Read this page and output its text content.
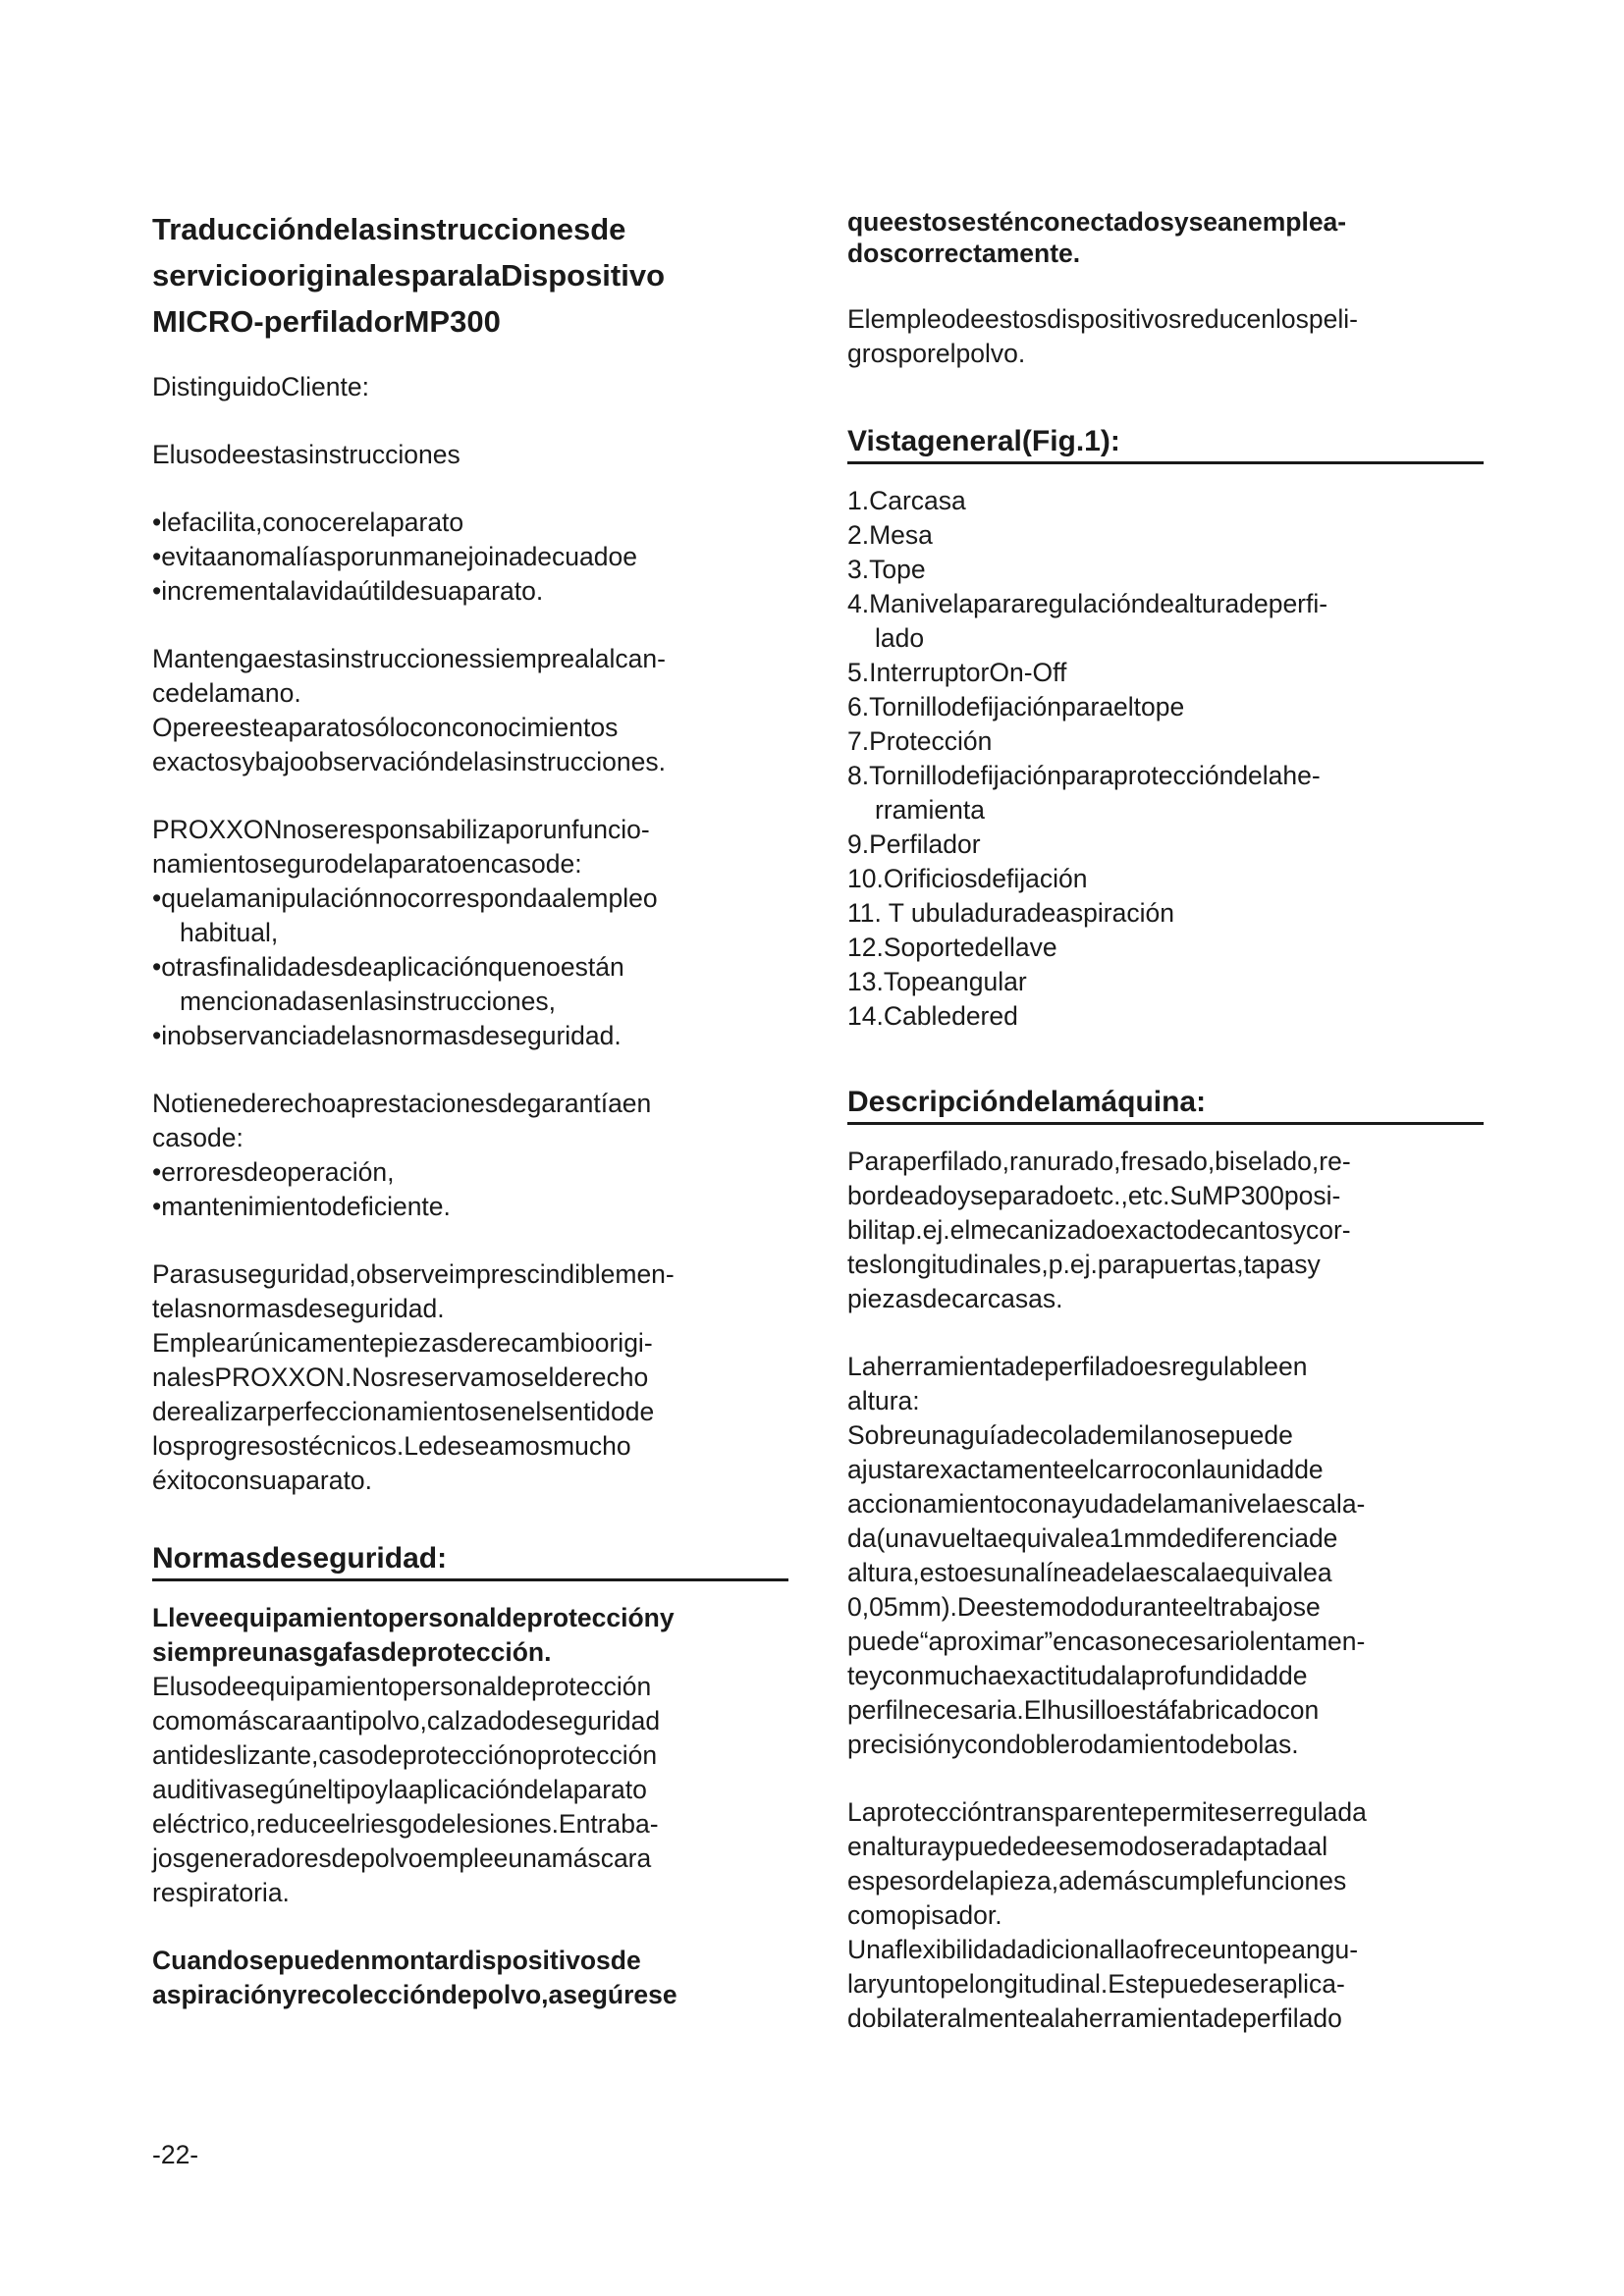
Traduccióndelasinstruccionesde
serviciooriginalesparalaDispositivo
MICRO-perfiladorMP300

DistinguidoCliente:

Elusodeestasinstrucciones

•lefacilita,conocerelaparato
•evitaanomalíasporunmanejoinadecuadoe
•incrementalavidaútildesuaparato.
Mantengaestasinstruccionessiemprealalcan-
cedelamano.
Opereesteaparatosóloconconocimientos
exactosybajoobservacióndelasinstrucciones.
PROXXONnoseresponsabilizaporunfuncio-
namientosegurodelaparatoencasode:
•quelamanipulaciónnocorrespondaalempleo
habitual,
•otrasfinalidadesdeaplicaciónquenoestán
mencionadasenlasinstrucciones,
•inobservanciadelasnormasdeseguridad.
Notienederechoaprestacionesdegarantíaen
casode:
•erroresdeoperación,
•mantenimientodeficiente.
Parasuseguridad,observeimprescindiblemen-
telasnormasdeseguridad.
Emplearúnicamentepiezasderecambioorigi-
nalesPROXXON.Nosreservamoselderecho
derealizarperfeccionamientosenelsentidode
losprogresostécnicos.Ledeseamosmucho
éxitoconsuaparato.
Normasdeseguridad:
Lleveequipamientopersonaldeproteccióny
siempreunasgafasdeprotección.
Elusodeequipamientopersonaldeprotección
comomáscaraantipolvo,calzadodeseguridad
antideslizante,casodeprotecciónoprotección
auditivasegúneltipoylaaplicacióndelaparato
eléctrico,reduceelriesgodelesiones.Entraba-
josgeneradoresdepolvoempleeunamáscara
respiratoria.
Cuandosepuedenmontardispositivosde
aspiraciónyrecoleccióndepolvo,asegúrese
queestosesténconectadosyseanemplea-
doscorrectamente.
Elempleodeestosdispositivosreducenlospeli-
grosporelpolvo.
Vistageneral(Fig.1):
1.Carcasa
2.Mesa
3.Tope
4.Manivelapararegulacióndealturadeperfi-
lado
5.InterruptorOn-Off
6.Tornillodefijaciónparaeltope
7.Protección
8.Tornillodefijaciónparaproteccióndelahe-
rramienta
9.Perfilador
10.Orificiosdefijación
11. T ubuladuradeaspiración
12.Soportedellave
13.Topeangular
14.Cabledered
Descripcióndelamáquina:
Paraperfilado,ranurado,fresado,biselado,re-
bordeadoyseparadoetc.,etc.SuMP300posi-
bilitap.ej.elmecanizadoexactodecantosycor-
teslongitudinales,p.ej.parapuertas,tapasy
piezasdecarcasas.
Laherramientadeperfiladoesregulableen
altura:
Sobreunaguíadecolademilanosepuede
ajustarexactamenteelcarroconlaunidadde
accionamientoconayudadelamanivelaescala-
da(unavueltaequivalea1mmdediferenciade
altura,estoesunalíneadelaescalaequivalea
0,05mm).Deestemododuranteeltrabajose
puede“aproximar”encasonecesariolentamen-
teyconmuchaexactitudalaprofundidadde
perfilnecesaria.Elhusilloestáfabricadocon
precisiónycondoblerodamientodebolas.
Laproteccióntransparentepermiteserregulada
enalturaypuededeesemodoseradaptadaal
espesordelapieza,ademáscumplefunciones
comopisador.
Unaflexibilidadadicionallaofreceuntopeangu-
laryuntopelongitudinal.Estepuedeseraplica-
dobilateralmentealaherramientadeperfilado
-22-
